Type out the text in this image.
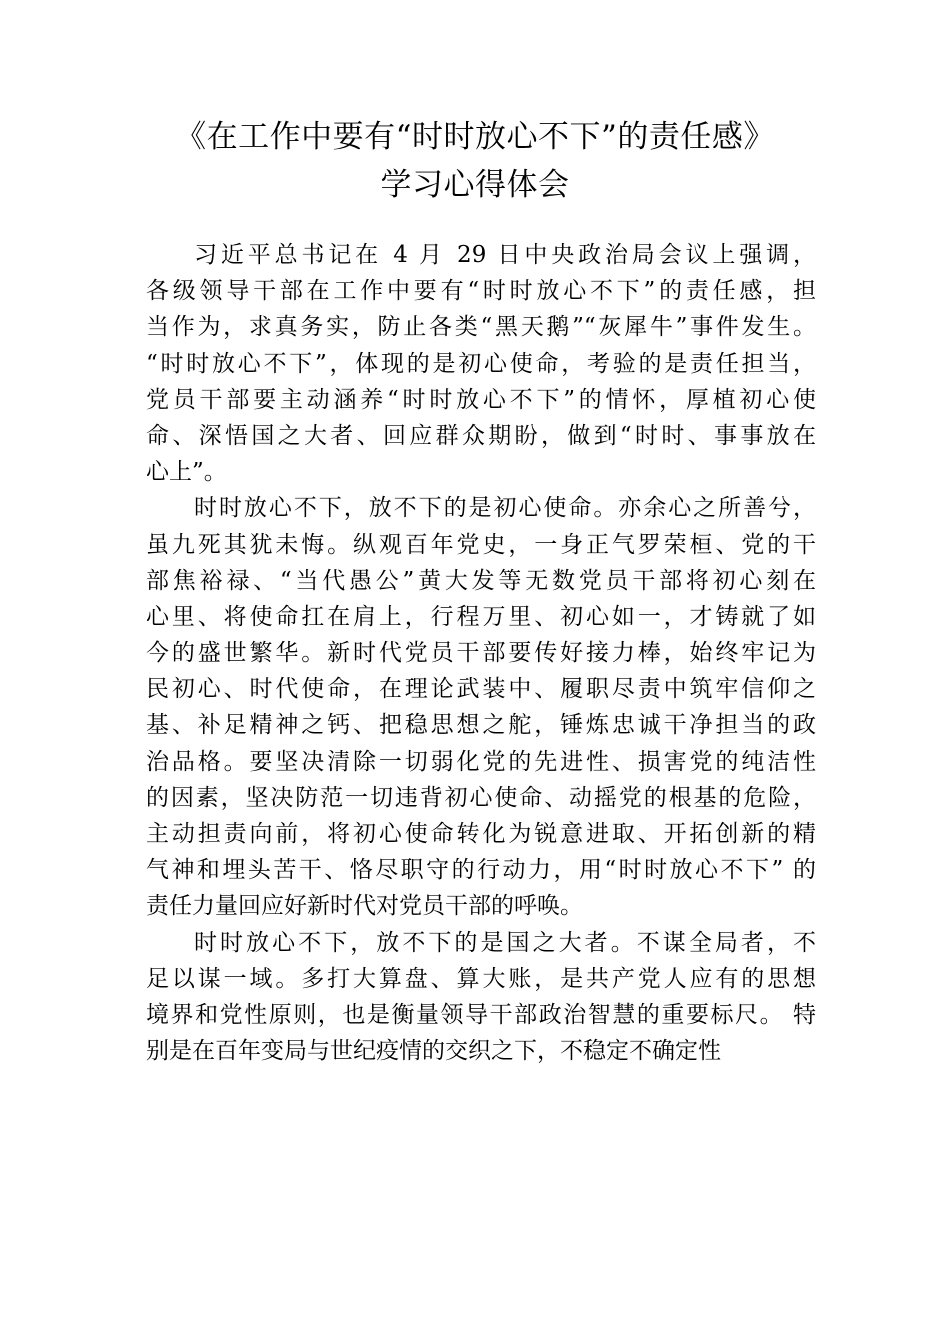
《在工作中要有“时时放心不下”的责任感》
学习心得体会
习近平总书记在 4 月 29 日中央政治局会议上强调，
各级领导干部在工作中要有“时时放心不下”的责任感，担
当作为，求真务实，防止各类“黑天鹅”“灰犀牛”事件发生。
“时时放心不下”，体现的是初心使命，考验的是责任担当，
党员干部要主动涵养“时时放心不下”的情怀，厚植初心使
命、深悟国之大者、回应群众期盼，做到“时时、事事放在
心上”。
时时放心不下，放不下的是初心使命。亦余心之所善兮，
虽九死其犹未悔。纵观百年党史，一身正气罗荣桓、党的干
部焦裕禄、“当代愚公”黄大发等无数党员干部将初心刻在
心里、将使命扛在肩上，行程万里、初心如一，才铸就了如
今的盛世繁华。新时代党员干部要传好接力棒，始终牢记为
民初心、时代使命，在理论武装中、履职尽责中筑牢信仰之
基、补足精神之钙、把稳思想之舵，锤炼忠诚干净担当的政
治品格。要坚决清除一切弱化党的先进性、损害党的纯洁性
的因素，坚决防范一切违背初心使命、动摇党的根基的危险，
主动担责向前，将初心使命转化为锐意进取、开拓创新的精
气神和埋头苦干、恪尽职守的行动力，用“时时放心不下” 的
责任力量回应好新时代对党员干部的呼唤。
时时放心不下，放不下的是国之大者。不谋全局者，不
足以谋一域。多打大算盘、算大账，是共产党人应有的思想
境界和党性原则，也是衡量领导干部政治智慧的重要标尺。 特
别是在百年变局与世纪疫情的交织之下，不稳定不确定性
